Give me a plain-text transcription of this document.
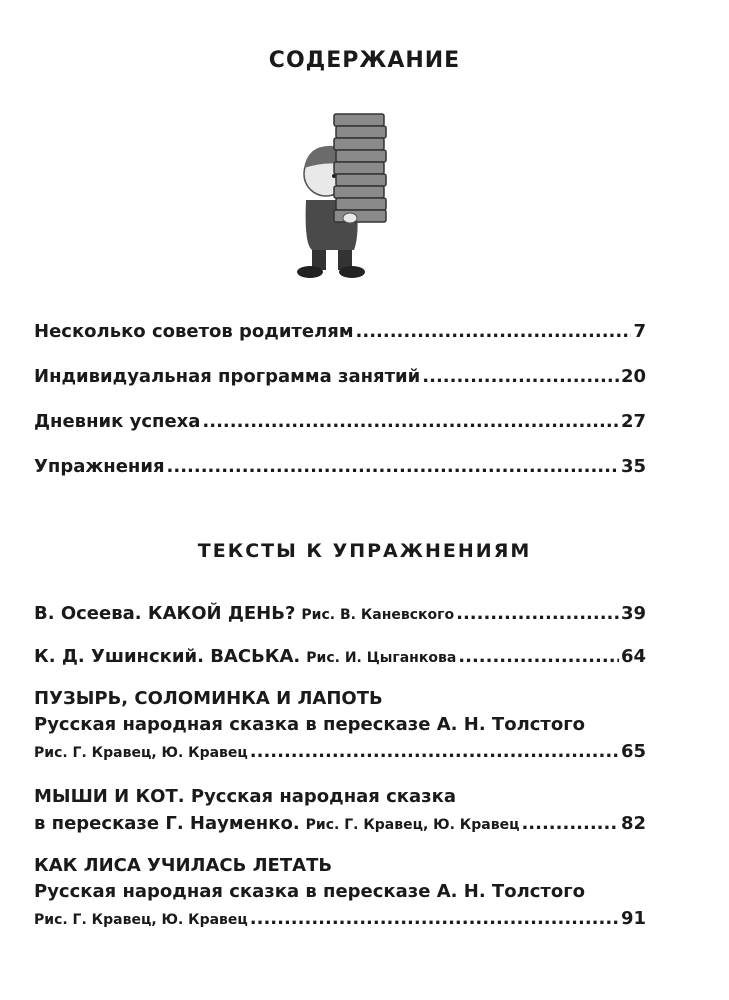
СОДЕРЖАНИЕ
Несколько советов родителям .....	7
Индивидуальная программа занятий .....	20
Дневник успеха .....	27
Упражнения .....	35
ТЕКСТЫ К УПРАЖНЕНИЯМ
В. Осеева. КАКОЙ ДЕНЬ? Рис. В. Каневского .....	39
К. Д. Ушинский. ВАСЬКА. Рис. И. Цыганкова .....	64
ПУЗЫРЬ, СОЛОМИНКА И ЛАПОТЬ
Русская народная сказка в пересказе А. Н. Толстого
Рис. Г. Кравец, Ю. Кравец .....	65
МЫШИ И КОТ. Русская народная сказка
в пересказе Г. Науменко. Рис. Г. Кравец, Ю. Кравец .....	82
КАК ЛИСА УЧИЛАСЬ ЛЕТАТЬ
Русская народная сказка в пересказе А. Н. Толстого
Рис. Г. Кравец, Ю. Кравец .....	91
